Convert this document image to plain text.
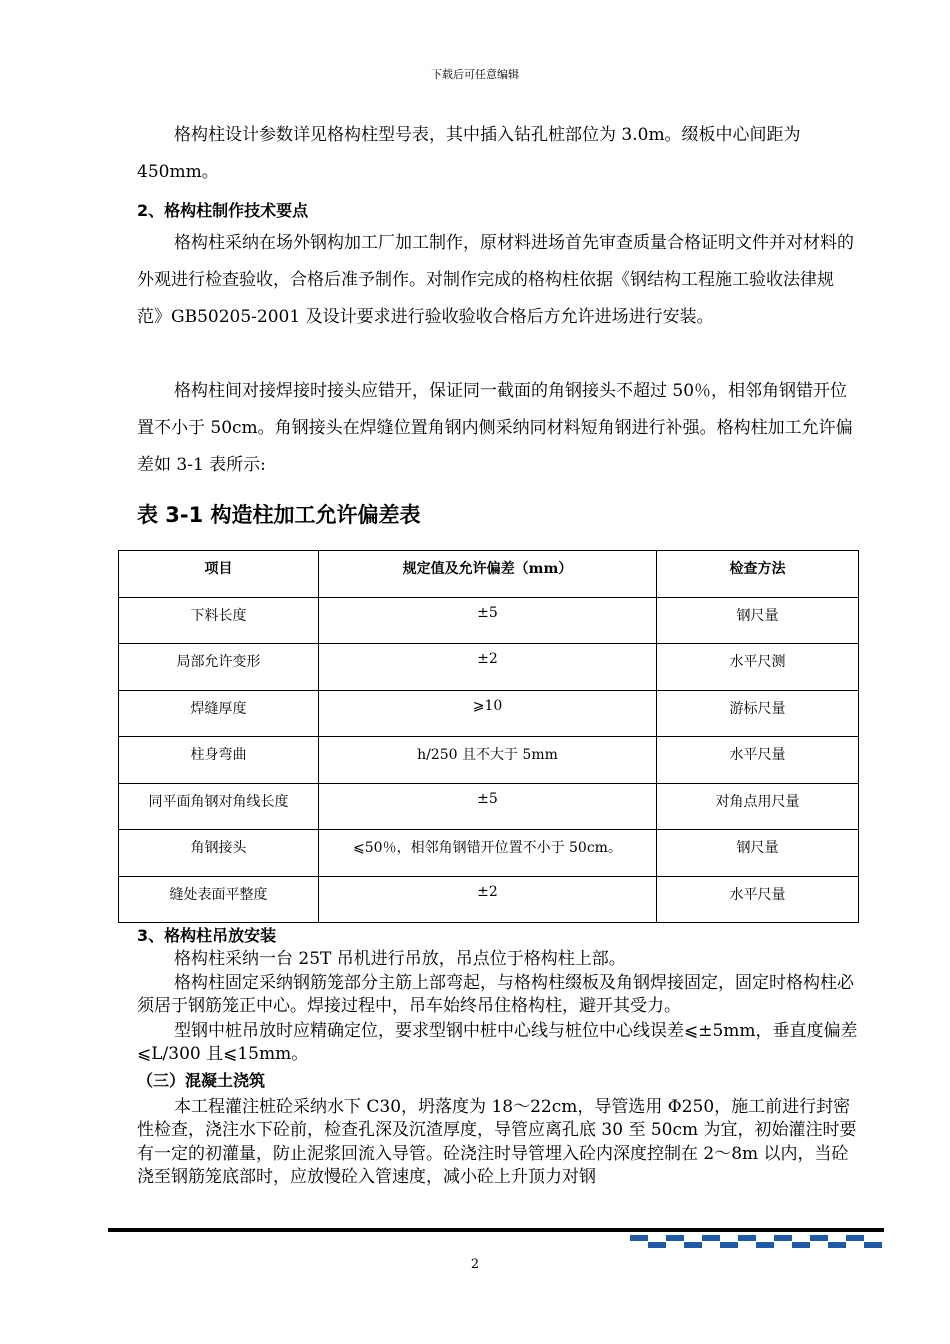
下载后可任意编辑
格构柱设计参数详见格构柱型号表，其中插入钻孔桩部位为 3.0m。缀板中心间距为 450mm。
2、格构柱制作技术要点
格构柱采纳在场外钢构加工厂加工制作，原材料进场首先审查质量合格证明文件并对材料的外观进行检查验收，合格后准予制作。对制作完成的格构柱依据《钢结构工程施工验收法律规范》GB50205-2001 及设计要求进行验收验收合格后方允许进场进行安装。
格构柱间对接焊接时接头应错开，保证同一截面的角钢接头不超过 50％，相邻角钢错开位置不小于 50cm。角钢接头在焊缝位置角钢内侧采纳同材料短角钢进行补强。格构柱加工允许偏差如 3-1 表所示:
表 3-1 构造柱加工允许偏差表
项目	规定值及允许偏差（mm）	检查方法
下料长度	±5	钢尺量
局部允许变形	±2	水平尺测
焊缝厚度	⩾10	游标尺量
柱身弯曲	h/250 且不大于 5mm	水平尺量
同平面角钢对角线长度	±5	对角点用尺量
角钢接头	⩽50％，相邻角钢错开位置不小于 50cm。	钢尺量
缝处表面平整度	±2	水平尺量
3、格构柱吊放安装
格构柱采纳一台 25T 吊机进行吊放，吊点位于格构柱上部。
格构柱固定采纳钢筋笼部分主筋上部弯起，与格构柱缀板及角钢焊接固定，固定时格构柱必须居于钢筋笼正中心。焊接过程中，吊车始终吊住格构柱，避开其受力。
型钢中桩吊放时应精确定位，要求型钢中桩中心线与桩位中心线误差⩽±5mm，垂直度偏差⩽L/300 且⩽15mm。
（三）混凝土浇筑
本工程灌注桩砼采纳水下 C30，坍落度为 18～22cm，导管选用 Φ250，施工前进行封密性检查，浇注水下砼前，检查孔深及沉渣厚度，导管应离孔底 30 至 50cm 为宜，初始灌注时要有一定的初灌量，防止泥浆回流入导管。砼浇注时导管埋入砼内深度控制在 2～8m 以内，当砼浇至钢筋笼底部时，应放慢砼入管速度，减小砼上升顶力对钢
2
